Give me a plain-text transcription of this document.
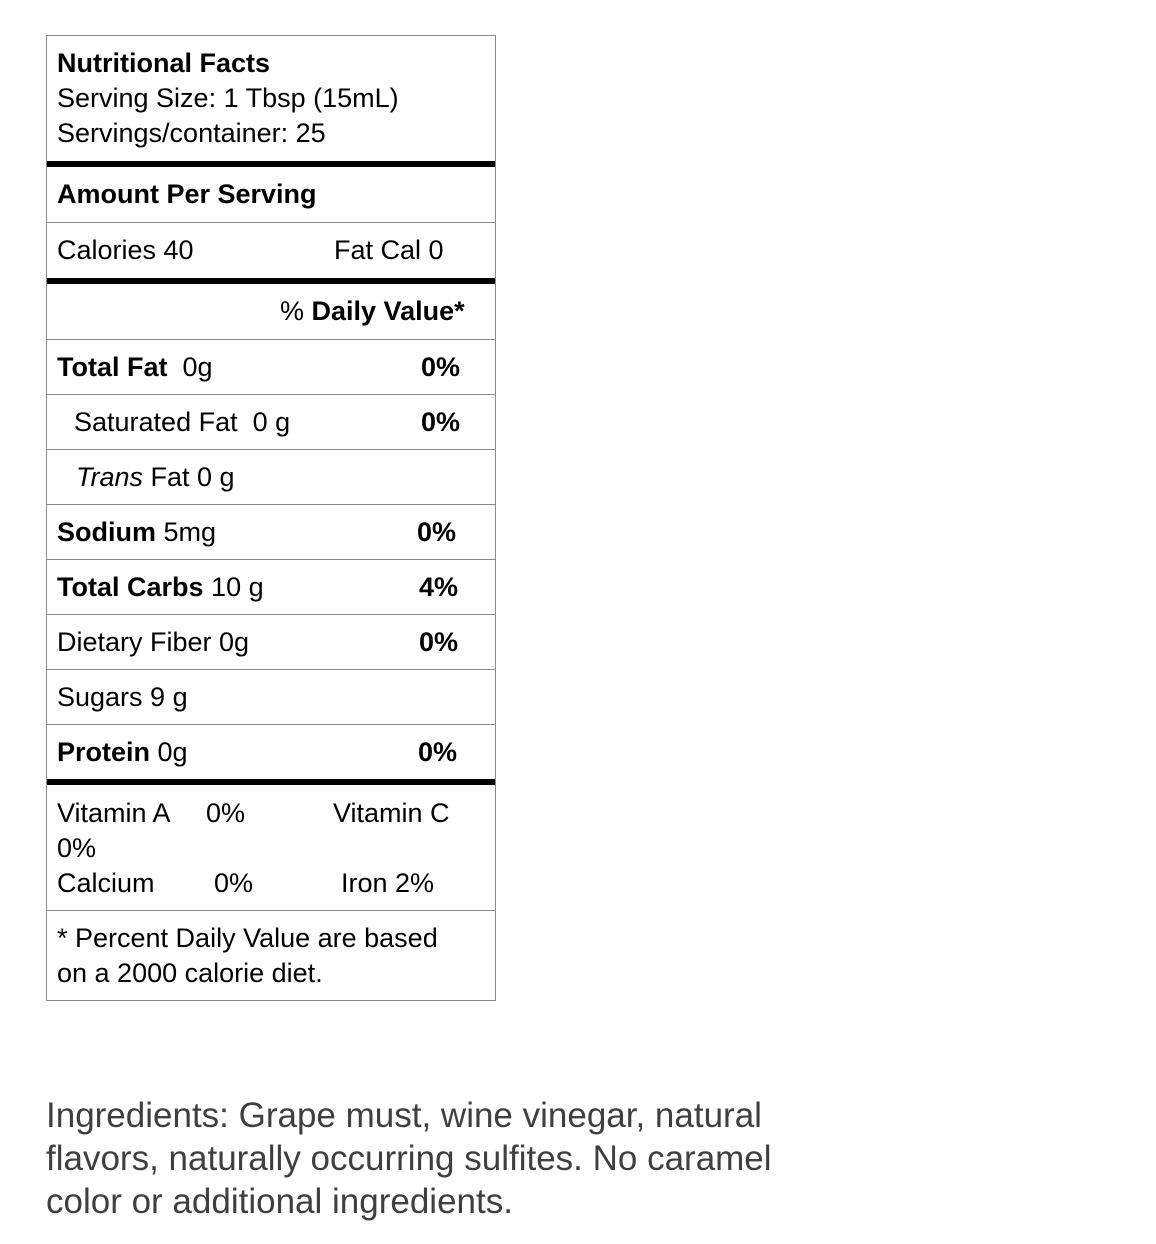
Nutritional Facts
Serving Size: 1 Tbsp (15mL)
Servings/container: 25
Amount Per Serving
Calories 40	Fat Cal 0
% Daily Value*
Total Fat 0g	0%
Saturated Fat 0 g	0%
Trans Fat 0 g
Sodium 5mg	0%
Total Carbs 10 g	4%
Dietary Fiber 0g	0%
Sugars 9 g
Protein 0g	0%
Vitamin A 0%	Vitamin C
0%
Calcium 0%	Iron 2%
* Percent Daily Value are based
on a 2000 calorie diet.
Ingredients: Grape must, wine vinegar, natural
flavors, naturally occurring sulfites. No caramel
color or additional ingredients.
